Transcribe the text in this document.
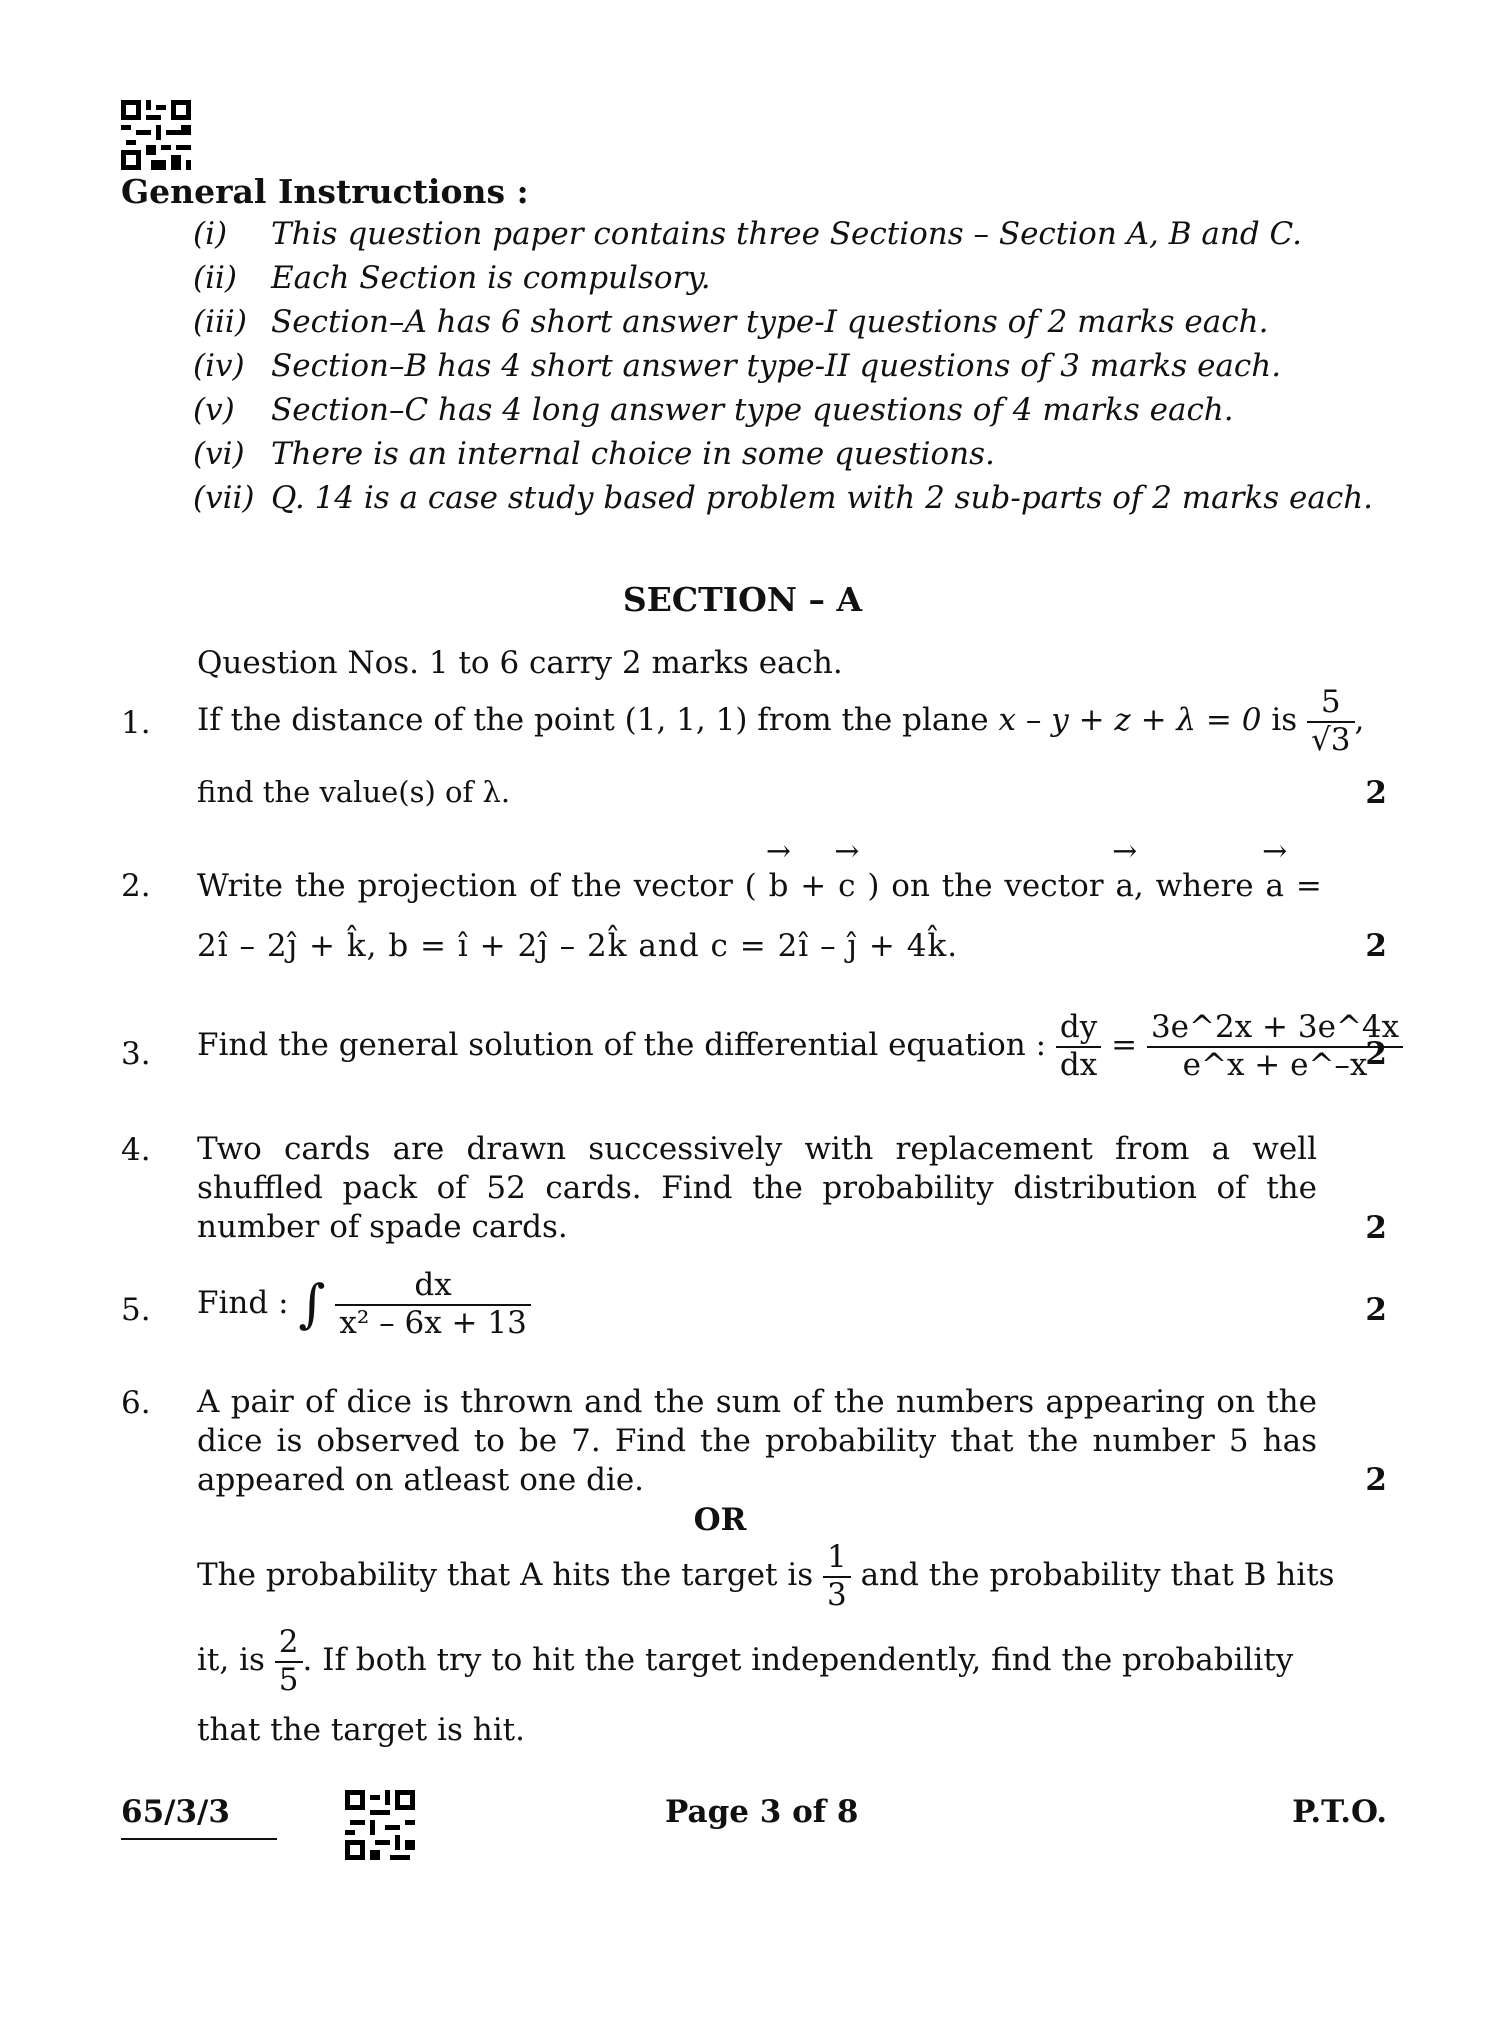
General Instructions :
(i) This question paper contains three Sections – Section A, B and C.
(ii) Each Section is compulsory.
(iii) Section–A has 6 short answer type-I questions of 2 marks each.
(iv) Section–B has 4 short answer type-II questions of 3 marks each.
(v) Section–C has 4 long answer type questions of 4 marks each.
(vi) There is an internal choice in some questions.
(vii) Q. 14 is a case study based problem with 2 sub-parts of 2 marks each.
SECTION – A
Question Nos. 1 to 6 carry 2 marks each.
1. If the distance of the point (1, 1, 1) from the plane x – y + z + λ = 0 is $\frac{5}{√3}$ ,
find the value(s) of λ.	2
2. Write the projection of the vector ( → b + → c ) on the vector → a, where → a =
2î – 2ĵ + k̂, b = î + 2ĵ – 2k̂ and c = 2î – ĵ + 4k̂.	2
3. Find the general solution of the differential equation : $\frac{dy}{dx} = \frac{3e\^{}2x + 3e\^{}4x}{e\^{}x + e\^{}-x}$
2
4. Two cards are drawn successively with replacement from a well shuffled pack of 52 cards. Find the probability distribution of the number of spade cards.	2
5. Find : ∫ $\frac{dx}{\text{x² – 6x + 13}}$	2
6. A pair of dice is thrown and the sum of the numbers appearing on the dice is observed to be 7. Find the probability that the number 5 has appeared on atleast one die.	2
OR
The probability that A hits the target is $\frac{1}{3}$ and the probability that B hits
it, is $\frac{2}{5}$ . If both try to hit the target independently, find the probability
that the target is hit.
65/3/3	Page 3 of 8	P.T.O.
